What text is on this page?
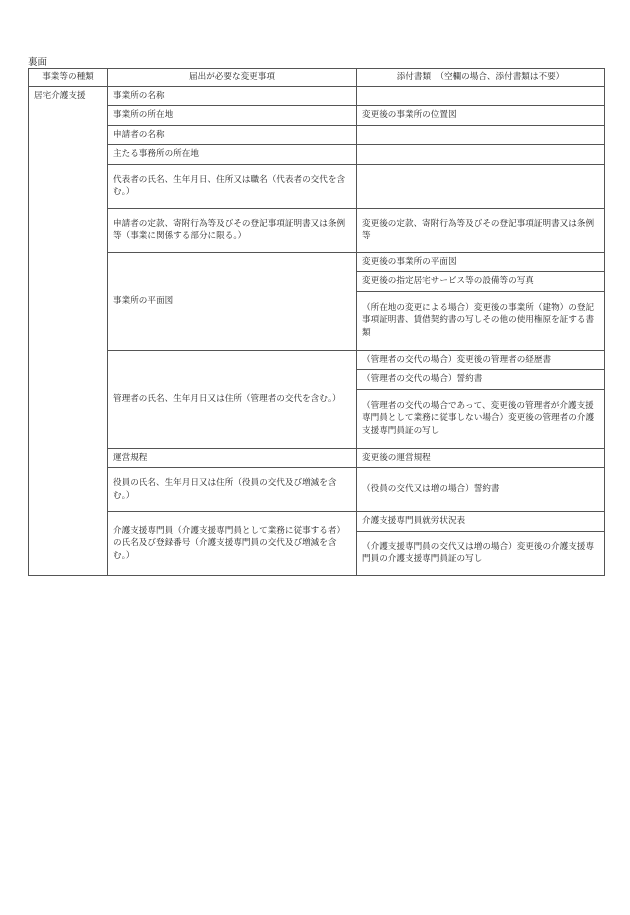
裏面
事業等の種類	届出が必要な変更事項	添付書類　（空欄の場合、添付書類は不要）
居宅介護支援	事業所の名称	
	事業所の所在地	変更後の事業所の位置図
	申請者の名称	
	主たる事務所の所在地	
	代表者の氏名、生年月日、住所又は職名（代表者の交代を含む。）	
	申請者の定款、寄附行為等及びその登記事項証明書又は条例等（事業に関係する部分に限る。）	変更後の定款、寄附行為等及びその登記事項証明書又は条例等
	事業所の平面図	変更後の事業所の平面図
		変更後の指定居宅サービス等の設備等の写真
		（所在地の変更による場合）変更後の事業所（建物）の登記事項証明書、賃借契約書の写しその他の使用権原を証する書類
	管理者の氏名、生年月日又は住所（管理者の交代を含む。）	（管理者の交代の場合）変更後の管理者の経歴書
		（管理者の交代の場合）誓約書
		（管理者の交代の場合であって、変更後の管理者が介護支援専門員として業務に従事しない場合）変更後の管理者の介護支援専門員証の写し
	運営規程	変更後の運営規程
	役員の氏名、生年月日又は住所（役員の交代及び増減を含む。）	（役員の交代又は増の場合）誓約書
	介護支援専門員（介護支援専門員として業務に従事する者）の氏名及び登録番号（介護支援専門員の交代及び増減を含む。）	介護支援専門員就労状況表
		（介護支援専門員の交代又は増の場合）変更後の介護支援専門員の介護支援専門員証の写し
